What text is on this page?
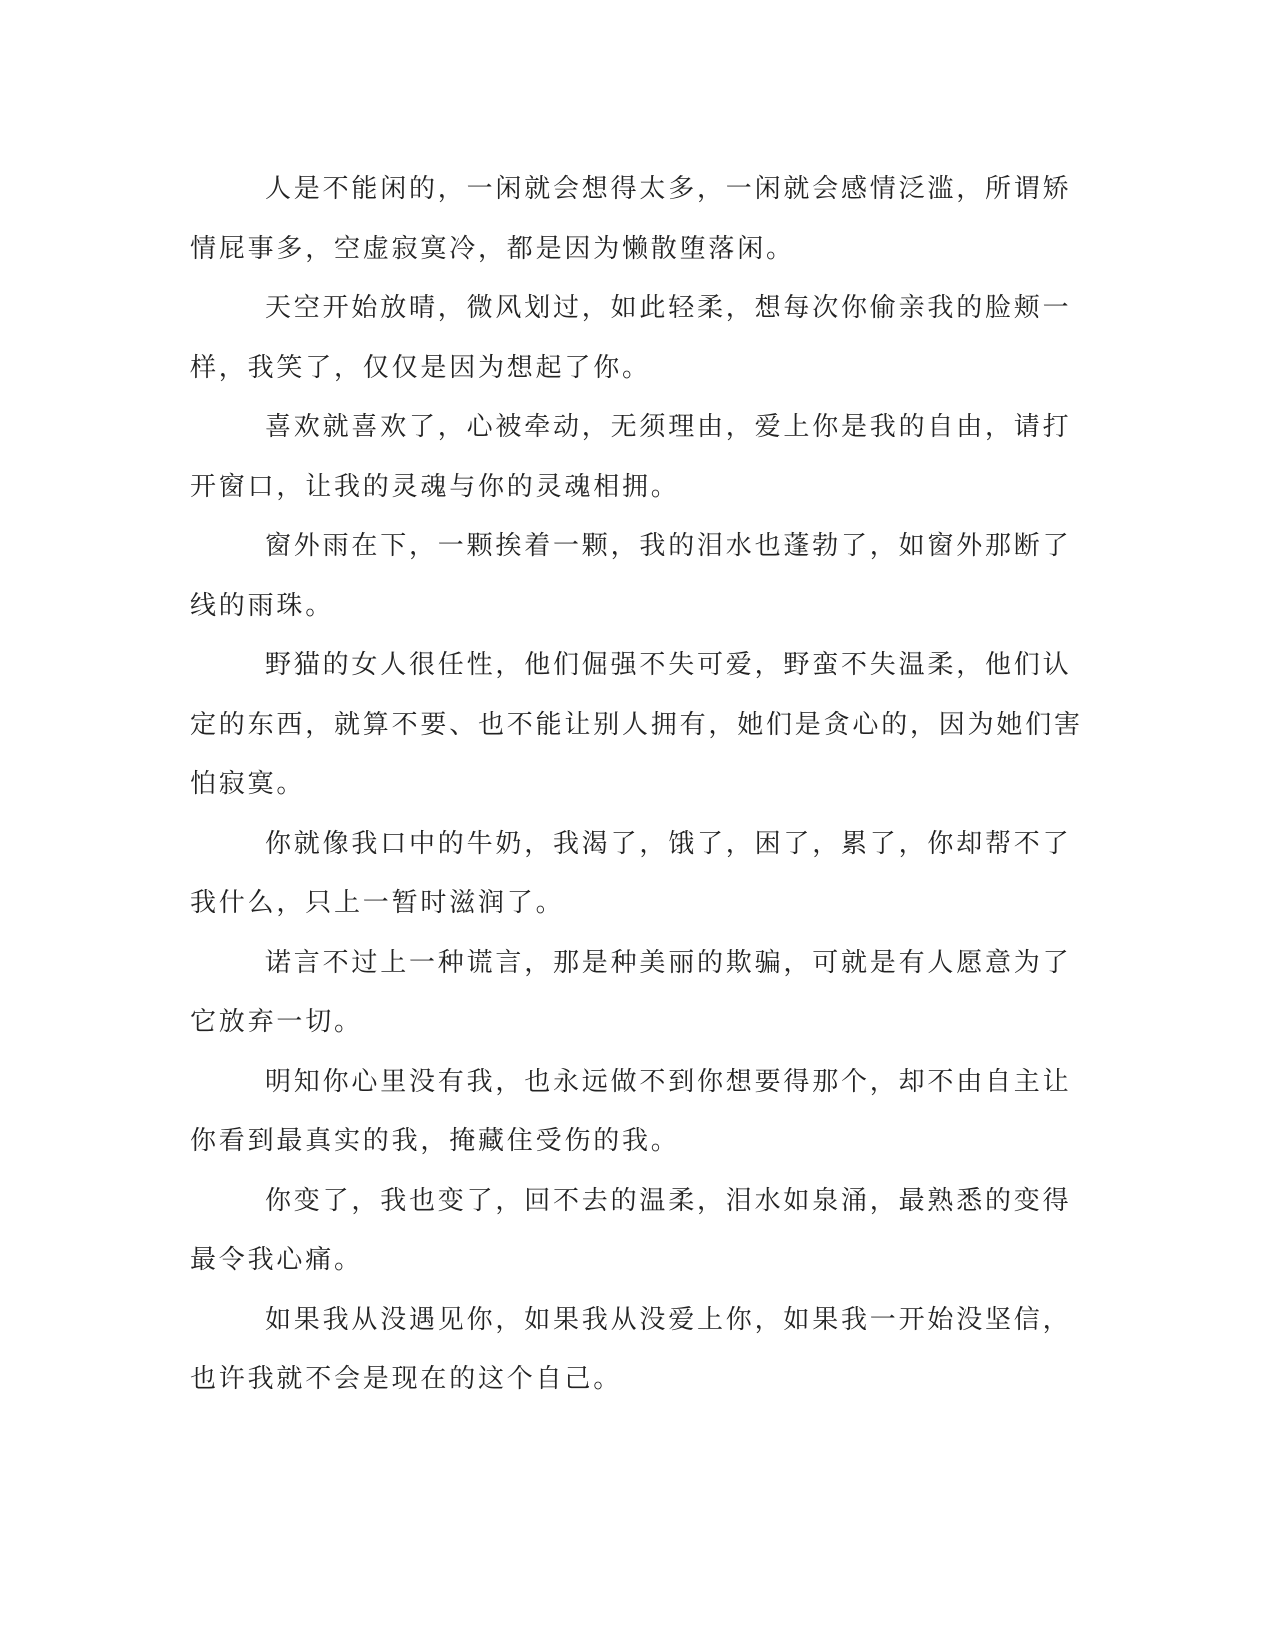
人是不能闲的，一闲就会想得太多，一闲就会感情泛滥，所谓矫情屁事多，空虚寂寞冷，都是因为懒散堕落闲。

天空开始放晴，微风划过，如此轻柔，想每次你偷亲我的脸颊一样，我笑了，仅仅是因为想起了你。

喜欢就喜欢了，心被牵动，无须理由，爱上你是我的自由，请打开窗口，让我的灵魂与你的灵魂相拥。

窗外雨在下，一颗挨着一颗，我的泪水也蓬勃了，如窗外那断了线的雨珠。

野猫的女人很任性，他们倔强不失可爱，野蛮不失温柔，他们认定的东西，就算不要、也不能让别人拥有，她们是贪心的，因为她们害怕寂寞。

你就像我口中的牛奶，我渴了，饿了，困了，累了，你却帮不了我什么，只上一暂时滋润了。

诺言不过上一种谎言，那是种美丽的欺骗，可就是有人愿意为了它放弃一切。

明知你心里没有我，也永远做不到你想要得那个，却不由自主让你看到最真实的我，掩藏住受伤的我。

你变了，我也变了，回不去的温柔，泪水如泉涌，最熟悉的变得最令我心痛。

如果我从没遇见你，如果我从没爱上你，如果我一开始没坚信，也许我就不会是现在的这个自己。
